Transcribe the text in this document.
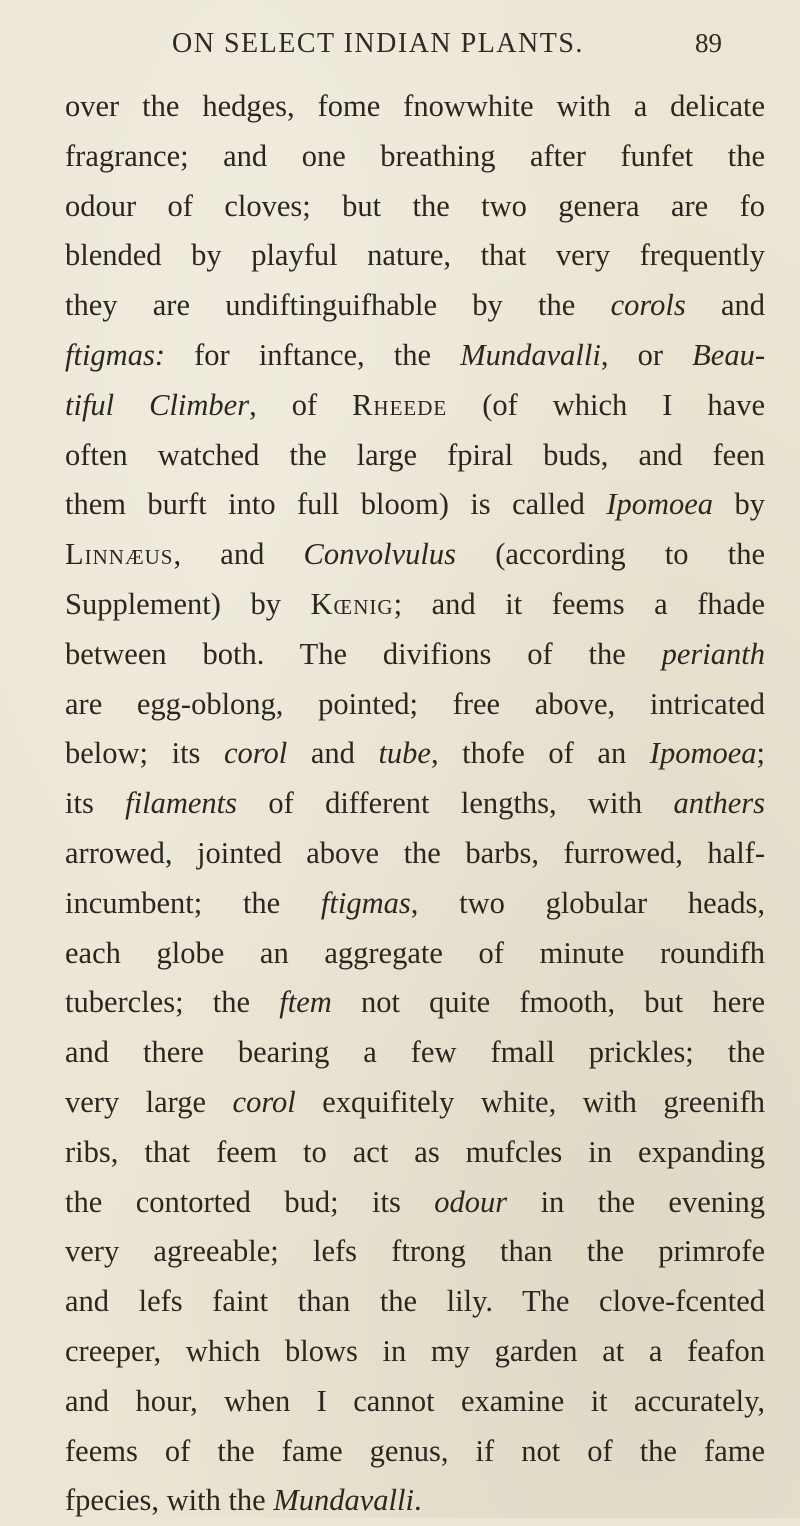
ON SELECT INDIAN PLANTS.	89
over the hedges, fome fnowwhite with a delicate
fragrance; and one breathing after funfet the
odour of cloves; but the two genera are fo
blended by playful nature, that very frequently
they are undiftinguifhable by the corols and
ftigmas: for inftance, the Mundavalli, or Beau-
tiful Climber, of Rheede (of which I have
often watched the large fpiral buds, and feen
them burft into full bloom) is called Ipomoea by
Linnæus, and Convolvulus (according to the
Supplement) by Kœnig; and it feems a fhade
between both. The divifions of the perianth
are egg-oblong, pointed; free above, intricated
below; its corol and tube, thofe of an Ipomoea;
its filaments of different lengths, with anthers
arrowed, jointed above the barbs, furrowed, half-
incumbent; the ftigmas, two globular heads,
each globe an aggregate of minute roundifh
tubercles; the ftem not quite fmooth, but here
and there bearing a few fmall prickles; the
very large corol exquifitely white, with greenifh
ribs, that feem to act as mufcles in expanding
the contorted bud; its odour in the evening
very agreeable; lefs ftrong than the primrofe
and lefs faint than the lily. The clove-fcented
creeper, which blows in my garden at a feafon
and hour, when I cannot examine it accurately,
feems of the fame genus, if not of the fame
fpecies, with the Mundavalli.
